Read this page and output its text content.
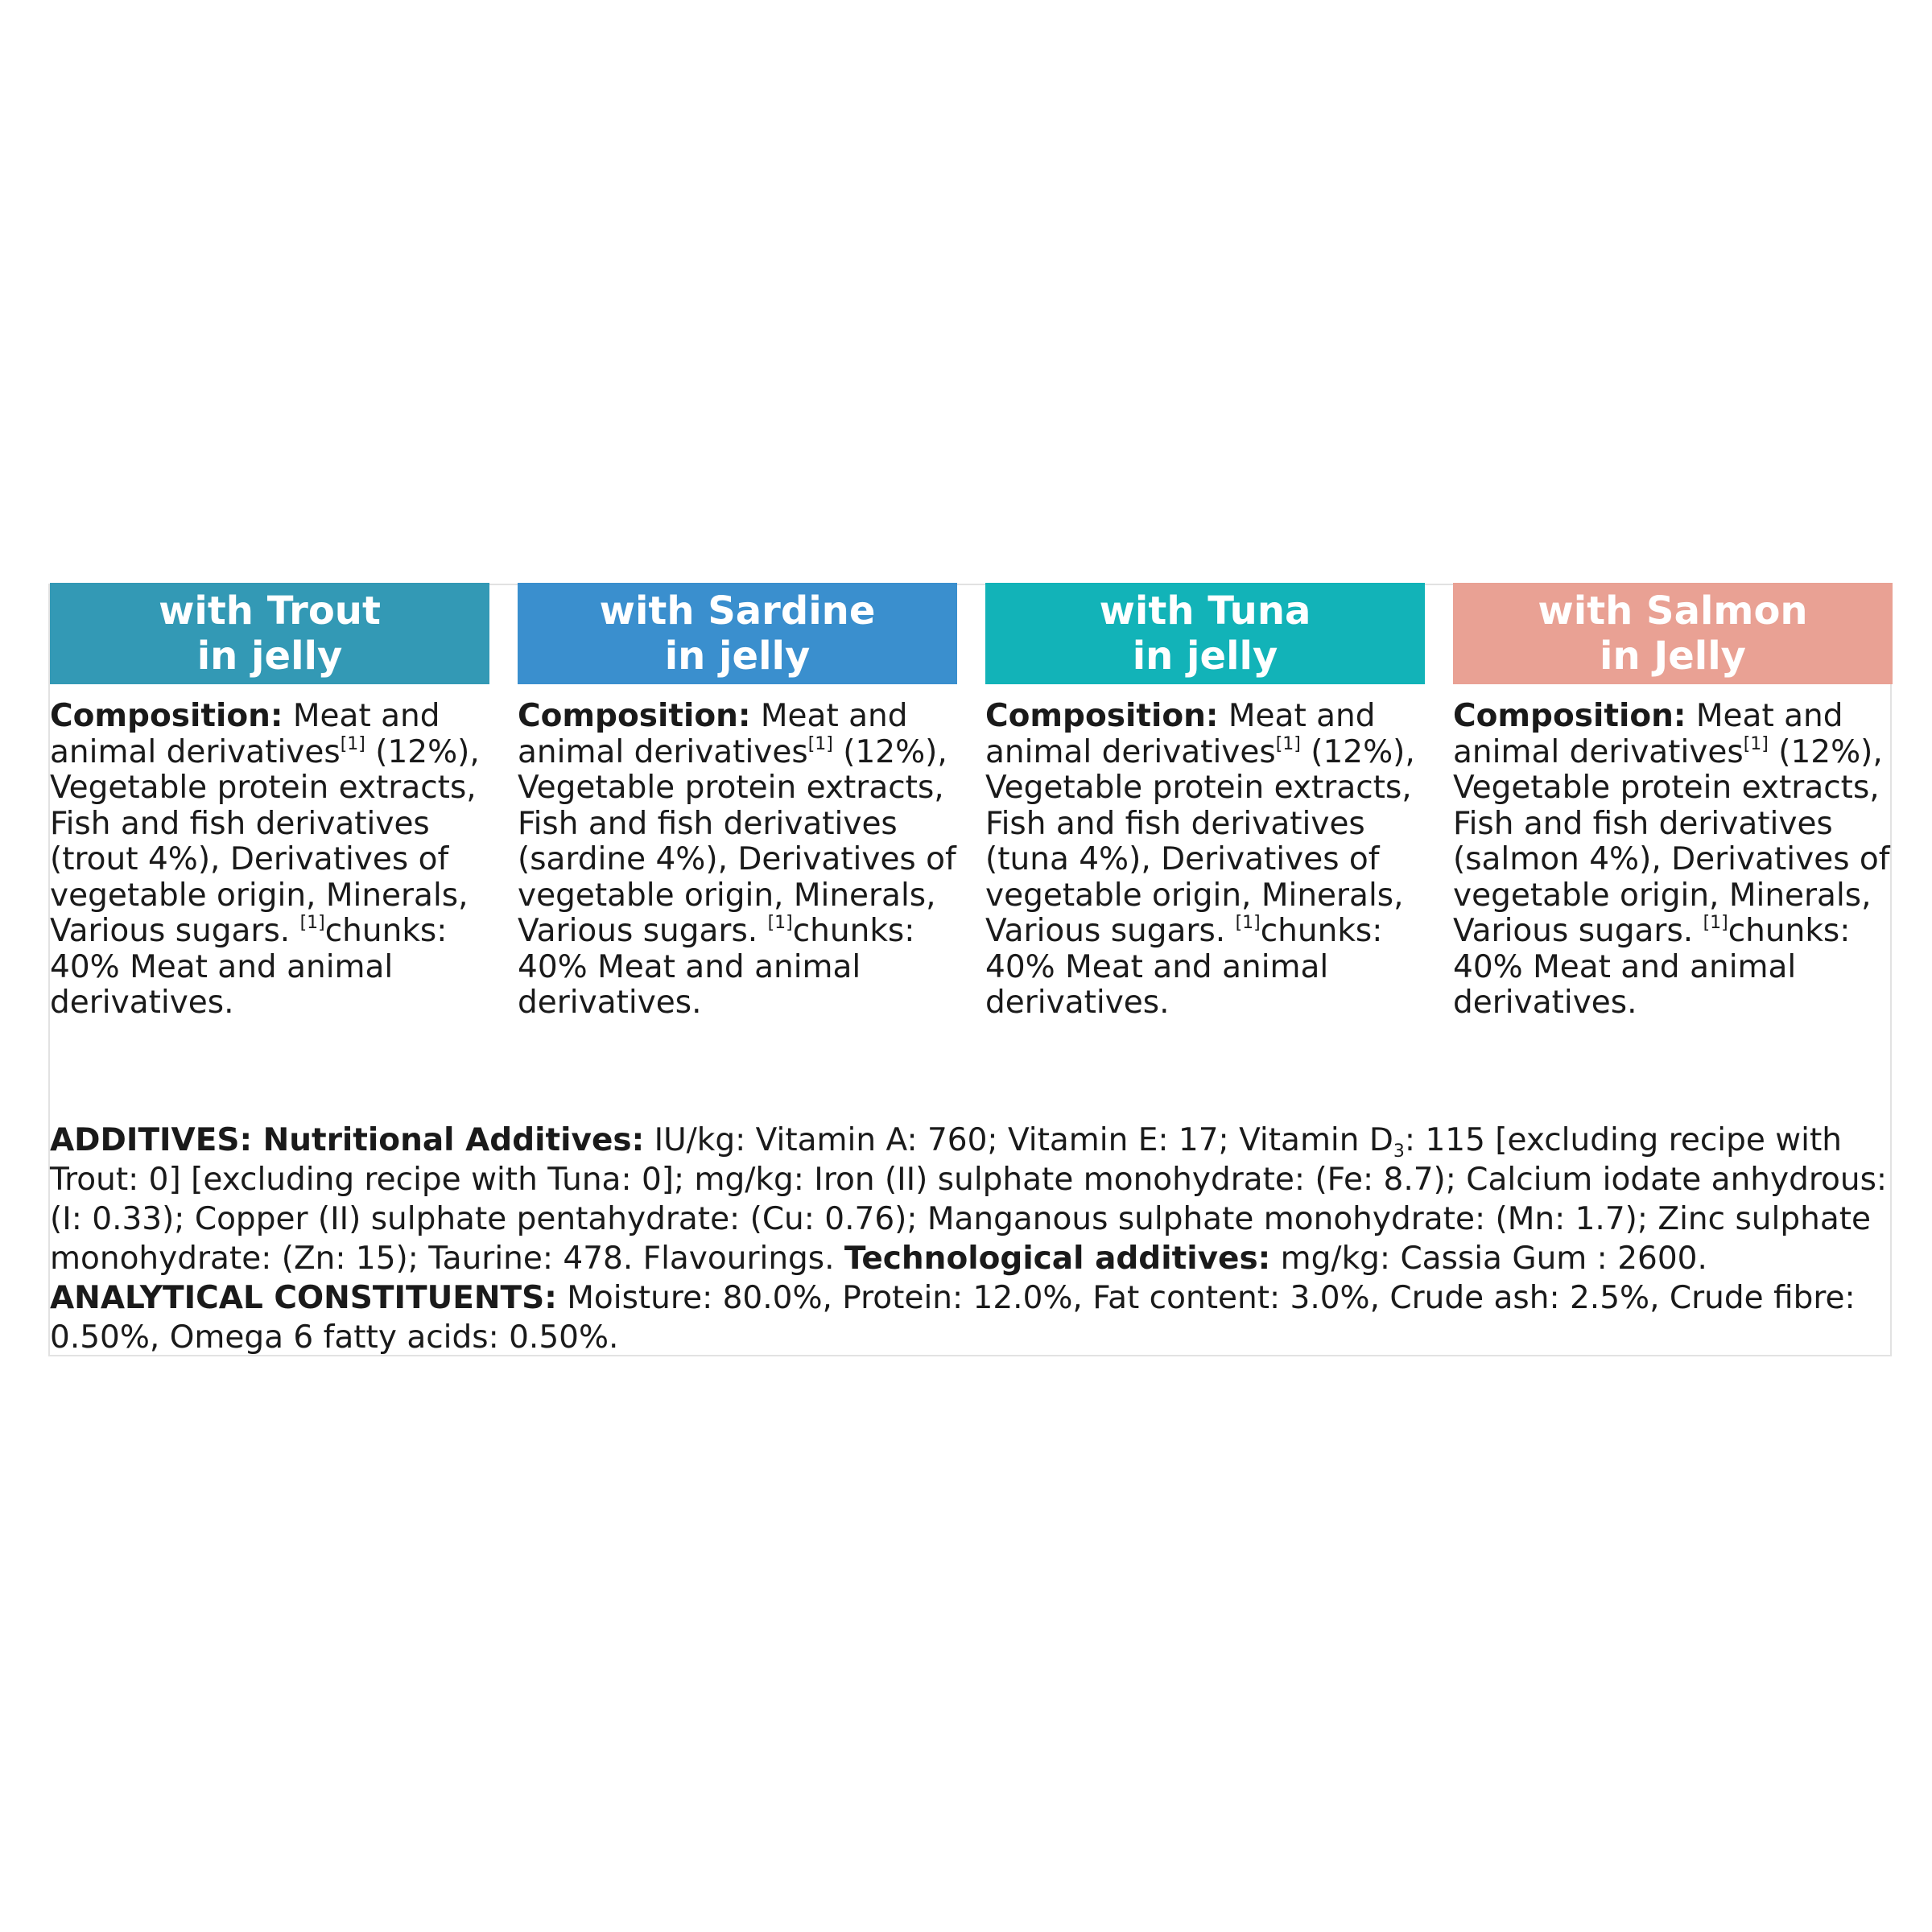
with Trout
in jelly
with Sardine
in jelly
with Tuna
in jelly
with Salmon
in Jelly
Composition: Meat and animal derivatives[1] (12%), Vegetable protein extracts, Fish and fish derivatives (trout 4%), Derivatives of vegetable origin, Minerals, Various sugars. [1]chunks: 40% Meat and animal derivatives.
Composition: Meat and animal derivatives[1] (12%), Vegetable protein extracts, Fish and fish derivatives (sardine 4%), Derivatives of vegetable origin, Minerals, Various sugars. [1]chunks: 40% Meat and animal derivatives.
Composition: Meat and animal derivatives[1] (12%), Vegetable protein extracts, Fish and fish derivatives (tuna 4%), Derivatives of vegetable origin, Minerals, Various sugars. [1]chunks: 40% Meat and animal derivatives.
Composition: Meat and animal derivatives[1] (12%), Vegetable protein extracts, Fish and fish derivatives (salmon 4%), Derivatives of vegetable origin, Minerals, Various sugars. [1]chunks: 40% Meat and animal derivatives.
ADDITIVES: Nutritional Additives: IU/kg: Vitamin A: 760; Vitamin E: 17; Vitamin $D_3$: 115 [excluding recipe with Trout: 0] [excluding recipe with Tuna: 0]; mg/kg: Iron (II) sulphate monohydrate: (Fe: 8.7); Calcium iodate anhydrous: (I: 0.33); Copper (II) sulphate pentahydrate: (Cu: 0.76); Manganous sulphate monohydrate: (Mn: 1.7); Zinc sulphate monohydrate: (Zn: 15); Taurine: 478. Flavourings. Technological additives: mg/kg: Cassia Gum : 2600.
ANALYTICAL CONSTITUENTS: Moisture: 80.0%, Protein: 12.0%, Fat content: 3.0%, Crude ash: 2.5%, Crude fibre: 0.50%, Omega 6 fatty acids: 0.50%.
